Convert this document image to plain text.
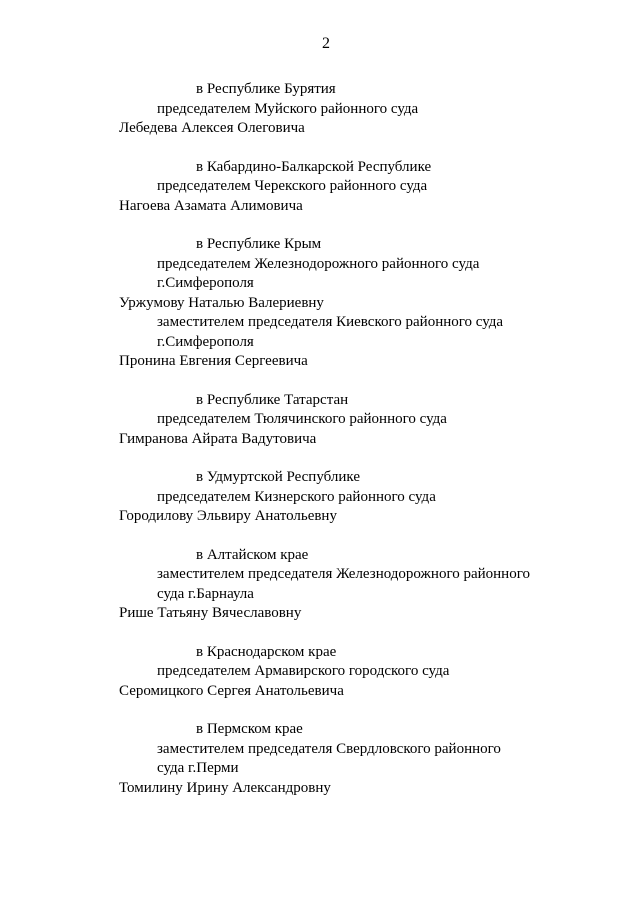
2
в Республике Бурятия
председателем Муйского районного суда
Лебедева Алексея Олеговича
в Кабардино-Балкарской Республике
председателем Черекского районного суда
Нагоева Азамата Алимовича
в Республике Крым
председателем Железнодорожного районного суда
г.Симферополя
Уржумову Наталью Валериевну
заместителем председателя Киевского районного суда
г.Симферополя
Пронина Евгения Сергеевича
в Республике Татарстан
председателем Тюлячинского районного суда
Гимранова Айрата Вадутовича
в Удмуртской Республике
председателем Кизнерского районного суда
Городилову Эльвиру Анатольевну
в Алтайском крае
заместителем председателя Железнодорожного районного
суда г.Барнаула
Рише Татьяну Вячеславовну
в Краснодарском крае
председателем Армавирского городского суда
Серомицкого Сергея Анатольевича
в Пермском крае
заместителем председателя Свердловского районного
суда г.Перми
Томилину Ирину Александровну
